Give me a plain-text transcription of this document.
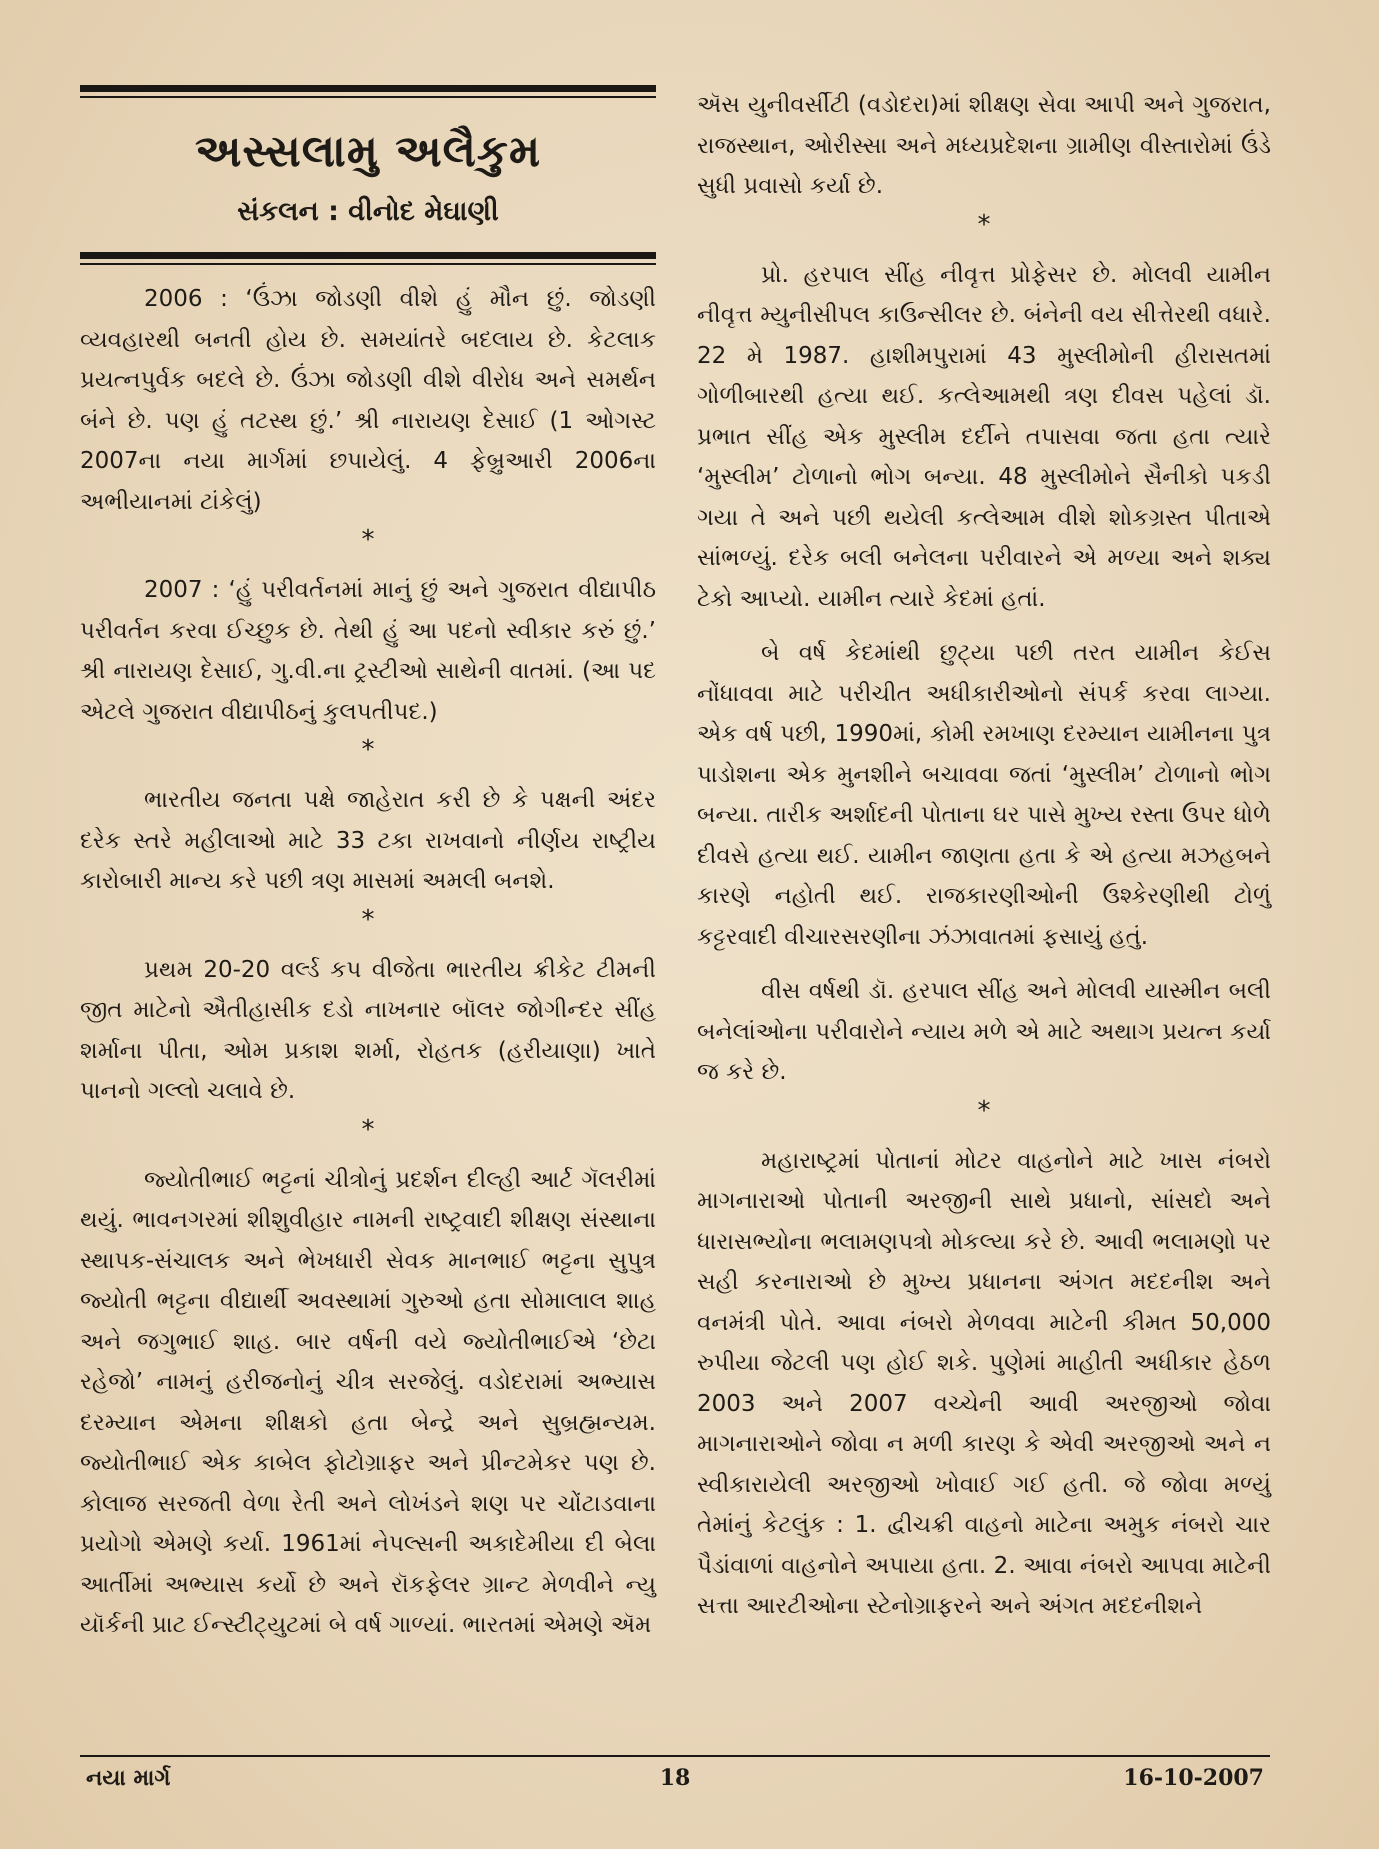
અસ્સલામુ અલૈકુમ
સંકલન : વીનોદ મેઘાણી

2006 : ‘ઉંઝા જોડણી વીશે હું મૌન છું. જોડણી વ્યવહારથી બનતી હોય છે. સમયાંતરે બદલાય છે. કેટલાક પ્રયત્નપુર્વક બદલે છે. ઉંઝા જોડણી વીશે વીરોધ અને સમર્થન બંને છે. પણ હું તટસ્થ છું.’ શ્રી નારાયણ દેસાઈ (1 ઓગસ્ટ 2007ના નયા માર્ગમાં છપાયેલું. 4 ફેબ્રુઆરી 2006ના અભીયાનમાં ટાંકેલું)

*

2007 : ‘હું પરીવર્તનમાં માનું છું અને ગુજરાત વીદ્યાપીઠ પરીવર્તન કરવા ઈચ્છુક છે. તેથી હું આ પદનો સ્વીકાર કરું છું.’ શ્રી નારાયણ દેસાઈ, ગુ.વી.ના ટ્રસ્ટીઓ સાથેની વાતમાં. (આ પદ એટલે ગુજરાત વીદ્યાપીઠનું કુલપતીપદ.)

*

ભારતીય જનતા પક્ષે જાહેરાત કરી છે કે પક્ષની અંદર દરેક સ્તરે મહીલાઓ માટે 33 ટકા રાખવાનો નીર્ણય રાષ્ટ્રીય કારોબારી માન્ય કરે પછી ત્રણ માસમાં અમલી બનશે.

*

પ્રથમ 20-20 વર્લ્ડ કપ વીજેતા ભારતીય ક્રીકેટ ટીમની જીત માટેનો ઐતીહાસીક દડો નાખનાર બૉલર જોગીન્દર સીંહ શર્માના પીતા, ઓમ પ્રકાશ શર્મા, રોહતક (હરીયાણા) ખાતે પાનનો ગલ્લો ચલાવે છે.

*

જ્યોતીભાઈ ભટ્ટનાં ચીત્રોનું પ્રદર્શન દીલ્હી આર્ટ ગૅલરીમાં થયું. ભાવનગરમાં શીશુવીહાર નામની રાષ્ટ્રવાદી શીક્ષણ સંસ્થાના સ્થાપક-સંચાલક અને ભેખધારી સેવક માનભાઈ ભટ્ટના સુપુત્ર જ્યોતી ભટ્ટના વીદ્યાર્થી અવસ્થામાં ગુરુઓ હતા સોમાલાલ શાહ અને જગુભાઈ શાહ. બાર વર્ષની વયે જ્યોતીભાઈએ ‘છેટા રહેજો’ નામનું હરીજનોનું ચીત્ર સરજેલું. વડોદરામાં અભ્યાસ દરમ્યાન એમના શીક્ષકો હતા બેન્દ્રે અને સુબ્રહ્મન્યમ. જ્યોતીભાઈ એક કાબેલ ફોટોગ્રાફર અને પ્રીન્ટમેકર પણ છે. કોલાજ સરજતી વેળા રેતી અને લોખંડને શણ પર ચોંટાડવાના પ્રયોગો એમણે કર્યા. 1961માં નેપલ્સની અકાદેમીયા દી બેલા આર્તીમાં અભ્યાસ કર્યો છે અને રૉકફેલર ગ્રાન્ટ મેળવીને ન્યુ યૉર્કની પ્રાટ ઈન્સ્ટીટ્યુટમાં બે વર્ષ ગાળ્યાં. ભારતમાં એમણે ઍમ

ઍસ યુનીવર્સીટી (વડોદરા)માં શીક્ષણ સેવા આપી અને ગુજરાત, રાજસ્થાન, ઓરીસ્સા અને મધ્યપ્રદેશના ગ્રામીણ વીસ્તારોમાં ઉંડે સુધી પ્રવાસો કર્યા છે.

*

પ્રો. હરપાલ સીંહ નીવૃત્ત પ્રોફેસર છે. મોલવી યામીન નીવૃત્ત મ્યુનીસીપલ કાઉન્સીલર છે. બંનેની વય સીત્તેરથી વધારે. 22 મે 1987. હાશીમપુરામાં 43 મુસ્લીમોની હીરાસતમાં ગોળીબારથી હત્યા થઈ. કત્લેઆમથી ત્રણ દીવસ પહેલાં ડૉ. પ્રભાત સીંહ એક મુસ્લીમ દર્દીને તપાસવા જતા હતા ત્યારે ‘મુસ્લીમ’ ટોળાનો ભોગ બન્યા. 48 મુસ્લીમોને સૈનીકો પકડી ગયા તે અને પછી થયેલી કત્લેઆમ વીશે શોકગ્રસ્ત પીતાએ સાંભળ્યું. દરેક બલી બનેલના પરીવારને એ મળ્યા અને શક્ય ટેકો આપ્યો. યામીન ત્યારે કેદમાં હતાં.

બે વર્ષ કેદમાંથી છુટ્યા પછી તરત યામીન કેઈસ નોંધાવવા માટે પરીચીત અધીકારીઓનો સંપર્ક કરવા લાગ્યા. એક વર્ષ પછી, 1990માં, કોમી રમખાણ દરમ્યાન યામીનના પુત્ર પાડોશના એક મુનશીને બચાવવા જતાં ‘મુસ્લીમ’ ટોળાનો ભોગ બન્યા. તારીક અર્શાદની પોતાના ઘર પાસે મુખ્ય રસ્તા ઉપર ધોળે દીવસે હત્યા થઈ. યામીન જાણતા હતા કે એ હત્યા મઝહબને કારણે નહોતી થઈ. રાજકારણીઓની ઉશ્કેરણીથી ટોળું કટ્ટરવાદી વીચારસરણીના ઝંઝાવાતમાં ફસાયું હતું.

વીસ વર્ષથી ડૉ. હરપાલ સીંહ અને મોલવી યાસ્મીન બલી બનેલાંઓના પરીવારોને ન્યાય મળે એ માટે અથાગ પ્રયત્ન કર્યા જ કરે છે.

*

મહારાષ્ટ્રમાં પોતાનાં મોટર વાહનોને માટે ખાસ નંબરો માગનારાઓ પોતાની અરજીની સાથે પ્રધાનો, સાંસદો અને ધારાસભ્યોના ભલામણપત્રો મોકલ્યા કરે છે. આવી ભલામણો પર સહી કરનારાઓ છે મુખ્ય પ્રધાનના અંગત મદદનીશ અને વનમંત્રી પોતે. આવા નંબરો મેળવવા માટેની કીમત 50,000 રુપીયા જેટલી પણ હોઈ શકે. પુણેમાં માહીતી અધીકાર હેઠળ 2003 અને 2007 વચ્ચેની આવી અરજીઓ જોવા માગનારાઓને જોવા ન મળી કારણ કે એવી અરજીઓ અને ન સ્વીકારાયેલી અરજીઓ ખોવાઈ ગઈ હતી. જે જોવા મળ્યું તેમાંનું કેટલુંક : 1. દ્વીચક્રી વાહનો માટેના અમુક નંબરો ચાર પૈડાંવાળાં વાહનોને અપાયા હતા. 2. આવા નંબરો આપવા માટેની સત્તા આરટીઓના સ્ટેનોગ્રાફરને અને અંગત મદદનીશને

નયા માર્ગ	18	16-10-2007
